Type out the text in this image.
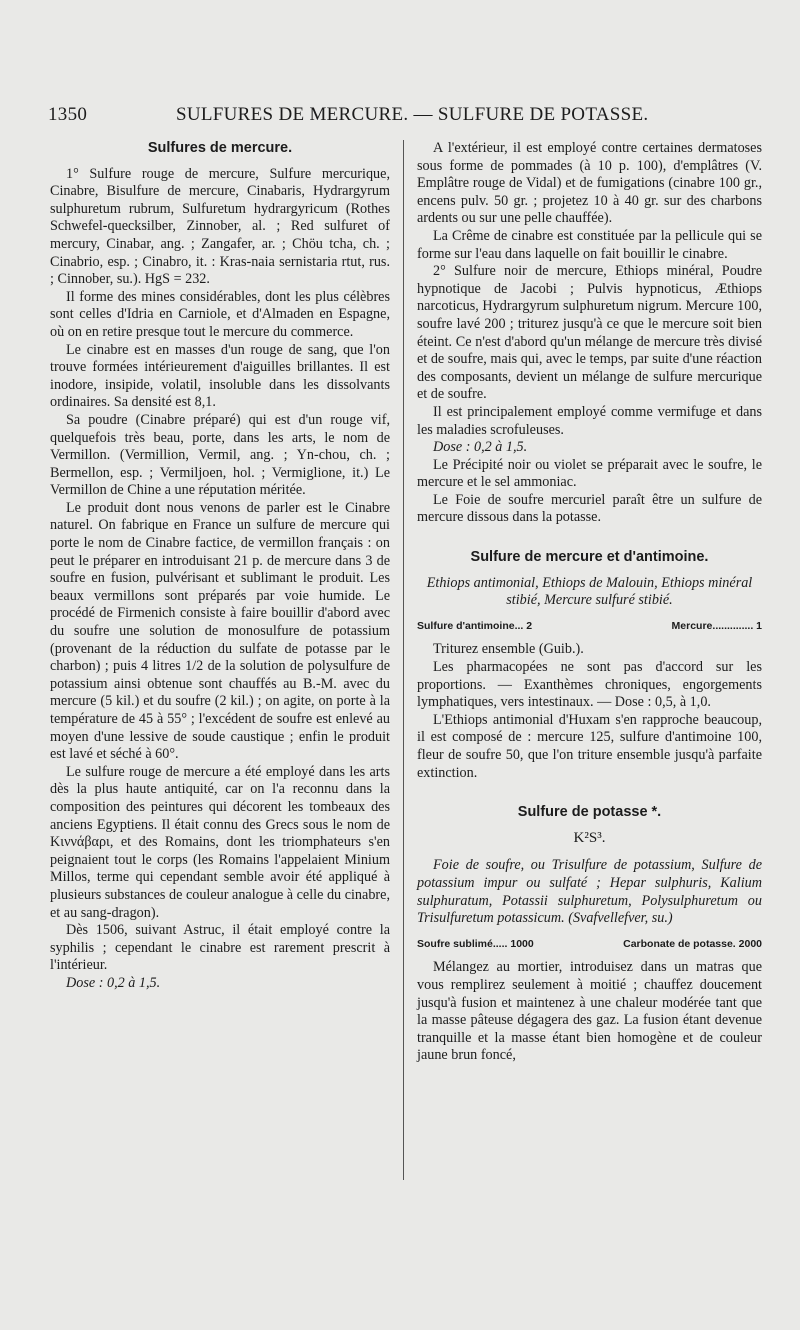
1350	SULFURES DE MERCURE. — SULFURE DE POTASSE.
Sulfures de mercure.

1° Sulfure rouge de mercure, Sulfure mercurique, Cinabre, Bisulfure de mercure, Cinabaris, Hydrargyrum sulphuretum rubrum, Sulfuretum hydrargyricum (Rothes Schwefel-quecksilber, Zinnober, al. ; Red sulfuret of mercury, Cinabar, ang. ; Zangafer, ar. ; Chöu tcha, ch. ; Cinabrio, esp. ; Cinabro, it. : Kras-naia sernistaria rtut, rus. ; Cinnober, su.). HgS = 232.

Il forme des mines considérables, dont les plus célèbres sont celles d'Idria en Carniole, et d'Almaden en Espagne, où on en retire presque tout le mercure du commerce.

Le cinabre est en masses d'un rouge de sang, que l'on trouve formées intérieurement d'aiguilles brillantes. Il est inodore, insipide, volatil, insoluble dans les dissolvants ordinaires. Sa densité est 8,1.

Sa poudre (Cinabre préparé) qui est d'un rouge vif, quelquefois très beau, porte, dans les arts, le nom de Vermillon. (Vermillion, Vermil, ang. ; Yn-chou, ch. ; Bermellon, esp. ; Vermiljoen, hol. ; Vermiglione, it.) Le Vermillon de Chine a une réputation méritée.

Le produit dont nous venons de parler est le Cinabre naturel. On fabrique en France un sulfure de mercure qui porte le nom de Cinabre factice, de vermillon français : on peut le préparer en introduisant 21 p. de mercure dans 3 de soufre en fusion, pulvérisant et sublimant le produit. Les beaux vermillons sont préparés par voie humide. Le procédé de Firmenich consiste à faire bouillir d'abord avec du soufre une solution de monosulfure de potassium (provenant de la réduction du sulfate de potasse par le charbon) ; puis 4 litres 1/2 de la solution de polysulfure de potassium ainsi obtenue sont chauffés au B.-M. avec du mercure (5 kil.) et du soufre (2 kil.) ; on agite, on porte à la température de 45 à 55° ; l'excédent de soufre est enlevé au moyen d'une lessive de soude caustique ; enfin le produit est lavé et séché à 60°.

Le sulfure rouge de mercure a été employé dans les arts dès la plus haute antiquité, car on l'a reconnu dans la composition des peintures qui décorent les tombeaux des anciens Egyptiens. Il était connu des Grecs sous le nom de Κιννάβαρι, et des Romains, dont les triomphateurs s'en peignaient tout le corps (les Romains l'appelaient Minium Millos, terme qui cependant semble avoir été appliqué à plusieurs substances de couleur analogue à celle du cinabre, et au sang-dragon).

Dès 1506, suivant Astruc, il était employé contre la syphilis ; cependant le cinabre est rarement prescrit à l'intérieur.

Dose : 0,2 à 1,5.

A l'extérieur, il est employé contre certaines dermatoses sous forme de pommades (à 10 p. 100), d'emplâtres (V. Emplâtre rouge de Vidal) et de fumigations (cinabre 100 gr., encens pulv. 50 gr. ; projetez 10 à 40 gr. sur des charbons ardents ou sur une pelle chauffée).

La Crême de cinabre est constituée par la pellicule qui se forme sur l'eau dans laquelle on fait bouillir le cinabre.

2° Sulfure noir de mercure, Ethiops minéral, Poudre hypnotique de Jacobi ; Pulvis hypnoticus, Æthiops narcoticus, Hydrargyrum sulphuretum nigrum. Mercure 100, soufre lavé 200 ; triturez jusqu'à ce que le mercure soit bien éteint. Ce n'est d'abord qu'un mélange de mercure très divisé et de soufre, mais qui, avec le temps, par suite d'une réaction des composants, devient un mélange de sulfure mercurique et de soufre.

Il est principalement employé comme vermifuge et dans les maladies scrofuleuses.

Dose : 0,2 à 1,5.

Le Précipité noir ou violet se préparait avec le soufre, le mercure et le sel ammoniac.

Le Foie de soufre mercuriel paraît être un sulfure de mercure dissous dans la potasse.

Sulfure de mercure et d'antimoine.

Ethiops antimonial, Ethiops de Malouin, Ethiops minéral stibié, Mercure sulfuré stibié.

Sulfure d'antimoine... 2	Mercure.............. 1

Triturez ensemble (Guib.).

Les pharmacopées ne sont pas d'accord sur les proportions. — Exanthèmes chroniques, engorgements lymphatiques, vers intestinaux. — Dose : 0,5, à 1,0.

L'Ethiops antimonial d'Huxam s'en rapproche beaucoup, il est composé de : mercure 125, sulfure d'antimoine 100, fleur de soufre 50, que l'on triture ensemble jusqu'à parfaite extinction.

Sulfure de potasse *.
K²S³.

Foie de soufre, ou Trisulfure de potassium, Sulfure de potassium impur ou sulfaté ; Hepar sulphuris, Kalium sulphuratum, Potassii sulphuretum, Polysulphuretum ou Trisulfuretum potassicum. (Svafvellefver, su.)

Soufre sublimé..... 1000	Carbonate de potasse. 2000

Mélangez au mortier, introduisez dans un matras que vous remplirez seulement à moitié ; chauffez doucement jusqu'à fusion et maintenez à une chaleur modérée tant que la masse pâteuse dégagera des gaz. La fusion étant devenue tranquille et la masse étant bien homogène et de couleur jaune brun foncé,
